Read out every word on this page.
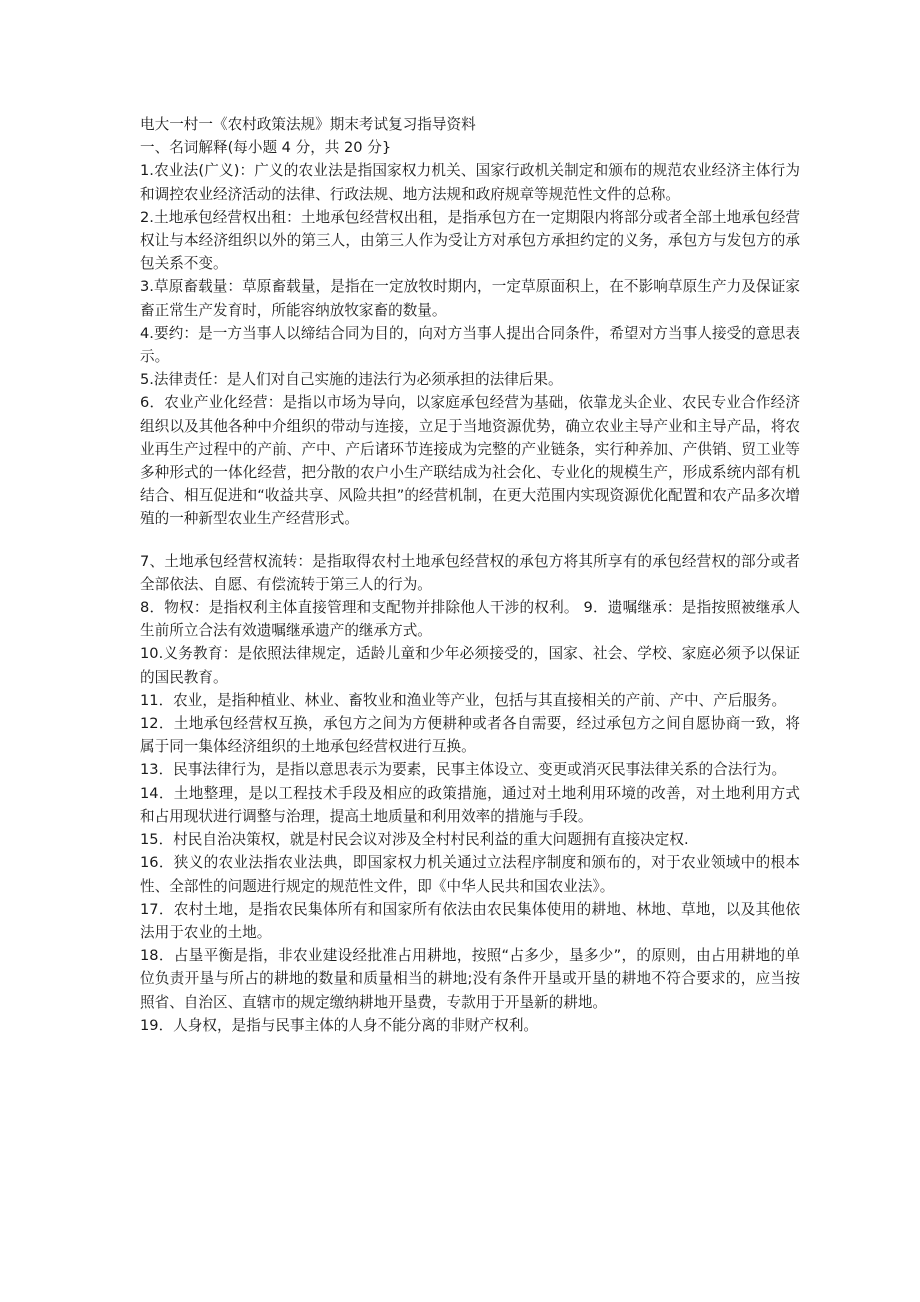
电大一村一《农村政策法规》期末考试复习指导资料

一、名词解释(每小题 4 分，共 20 分}

1.农业法(广义)：广义的农业法是指国家权力机关、国家行政机关制定和颁布的规范农业经济主体行为和调控农业经济活动的法律、行政法规、地方法规和政府规章等规范性文件的总称。

2.土地承包经营权出租：土地承包经营权出租，是指承包方在一定期限内将部分或者全部土地承包经营权让与本经济组织以外的第三人，由第三人作为受让方对承包方承担约定的义务，承包方与发包方的承包关系不变。

3.草原畜载量：草原畜载量，是指在一定放牧时期内，一定草原面积上，在不影响草原生产力及保证家畜正常生产发育时，所能容纳放牧家畜的数量。

4.要约：是一方当事人以缔结合同为目的，向对方当事人提出合同条件，希望对方当事人接受的意思表示。

5.法律责任：是人们对自己实施的违法行为必须承担的法律后果。

6．农业产业化经营：是指以市场为导向，以家庭承包经营为基础，依靠龙头企业、农民专业合作经济组织以及其他各种中介组织的带动与连接，立足于当地资源优势，确立农业主导产业和主导产品，将农业再生产过程中的产前、产中、产后诸环节连接成为完整的产业链条，实行种养加、产供销、贸工业等多种形式的一体化经营，把分散的农户小生产联结成为社会化、专业化的规模生产，形成系统内部有机结合、相互促进和“收益共享、风险共担”的经营机制，在更大范围内实现资源优化配置和农产品多次增殖的一种新型农业生产经营形式。

7、土地承包经营权流转：是指取得农村土地承包经营权的承包方将其所享有的承包经营权的部分或者全部依法、自愿、有偿流转于第三人的行为。

8．物权：是指权利主体直接管理和支配物并排除他人干涉的权利。 9．遗嘱继承：是指按照被继承人生前所立合法有效遗嘱继承遗产的继承方式。

10.义务教育：是依照法律规定，适龄儿童和少年必须接受的，国家、社会、学校、家庭必须予以保证的国民教育。

11．农业，是指种植业、林业、畜牧业和渔业等产业，包括与其直接相关的产前、产中、产后服务。

12．土地承包经营权互换，承包方之间为方便耕种或者各自需要，经过承包方之间自愿协商一致，将属于同一集体经济组织的土地承包经营权进行互换。

13．民事法律行为，是指以意思表示为要素，民事主体设立、变更或消灭民事法律关系的合法行为。

14．土地整理，是以工程技术手段及相应的政策措施，通过对土地利用环境的改善，对土地利用方式和占用现状进行调整与治理，提高土地质量和利用效率的措施与手段。

15．村民自治决策权，就是村民会议对涉及全村村民利益的重大问题拥有直接决定权.

16．狭义的农业法指农业法典，即国家权力机关通过立法程序制度和颁布的，对于农业领域中的根本性、全部性的问题进行规定的规范性文件，即《中华人民共和国农业法》。

17．农村土地，是指农民集体所有和国家所有依法由农民集体使用的耕地、林地、草地，以及其他依法用于农业的土地。

18．占垦平衡是指，非农业建设经批准占用耕地，按照“占多少，垦多少”，的原则，由占用耕地的单位负责开垦与所占的耕地的数量和质量相当的耕地;没有条件开垦或开垦的耕地不符合要求的，应当按照省、自治区、直辖市的规定缴纳耕地开垦费，专款用于开垦新的耕地。

19．人身权，是指与民事主体的人身不能分离的非财产权利。
